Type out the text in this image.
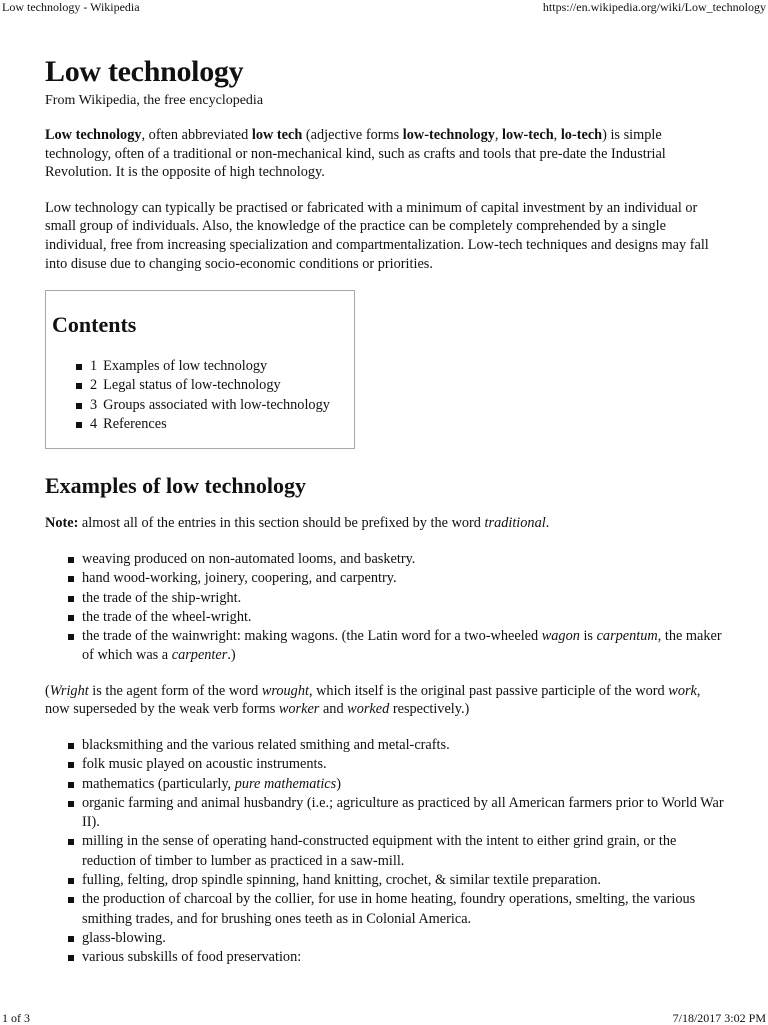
Low technology - Wikipedia	https://en.wikipedia.org/wiki/Low_technology
Low technology
From Wikipedia, the free encyclopedia

Low technology, often abbreviated low tech (adjective forms low-technology, low-tech, lo-tech) is simple technology, often of a traditional or non-mechanical kind, such as crafts and tools that pre-date the Industrial Revolution. It is the opposite of high technology.

Low technology can typically be practised or fabricated with a minimum of capital investment by an individual or small group of individuals. Also, the knowledge of the practice can be completely comprehended by a single individual, free from increasing specialization and compartmentalization. Low-tech techniques and designs may fall into disuse due to changing socio-economic conditions or priorities.

Contents
1 Examples of low technology
2 Legal status of low-technology
3 Groups associated with low-technology
4 References
Examples of low technology

Note: almost all of the entries in this section should be prefixed by the word traditional.

weaving produced on non-automated looms, and basketry.
hand wood-working, joinery, coopering, and carpentry.
the trade of the ship-wright.
the trade of the wheel-wright.
the trade of the wainwright: making wagons. (the Latin word for a two-wheeled wagon is carpentum, the maker of which was a carpenter.)

(Wright is the agent form of the word wrought, which itself is the original past passive participle of the word work, now superseded by the weak verb forms worker and worked respectively.)

blacksmithing and the various related smithing and metal-crafts.
folk music played on acoustic instruments.
mathematics (particularly, pure mathematics)
organic farming and animal husbandry (i.e.; agriculture as practiced by all American farmers prior to World War II).
milling in the sense of operating hand-constructed equipment with the intent to either grind grain, or the reduction of timber to lumber as practiced in a saw-mill.
fulling, felting, drop spindle spinning, hand knitting, crochet, & similar textile preparation.
the production of charcoal by the collier, for use in home heating, foundry operations, smelting, the various smithing trades, and for brushing ones teeth as in Colonial America.
glass-blowing.
various subskills of food preservation:
1 of 3	7/18/2017 3:02 PM
